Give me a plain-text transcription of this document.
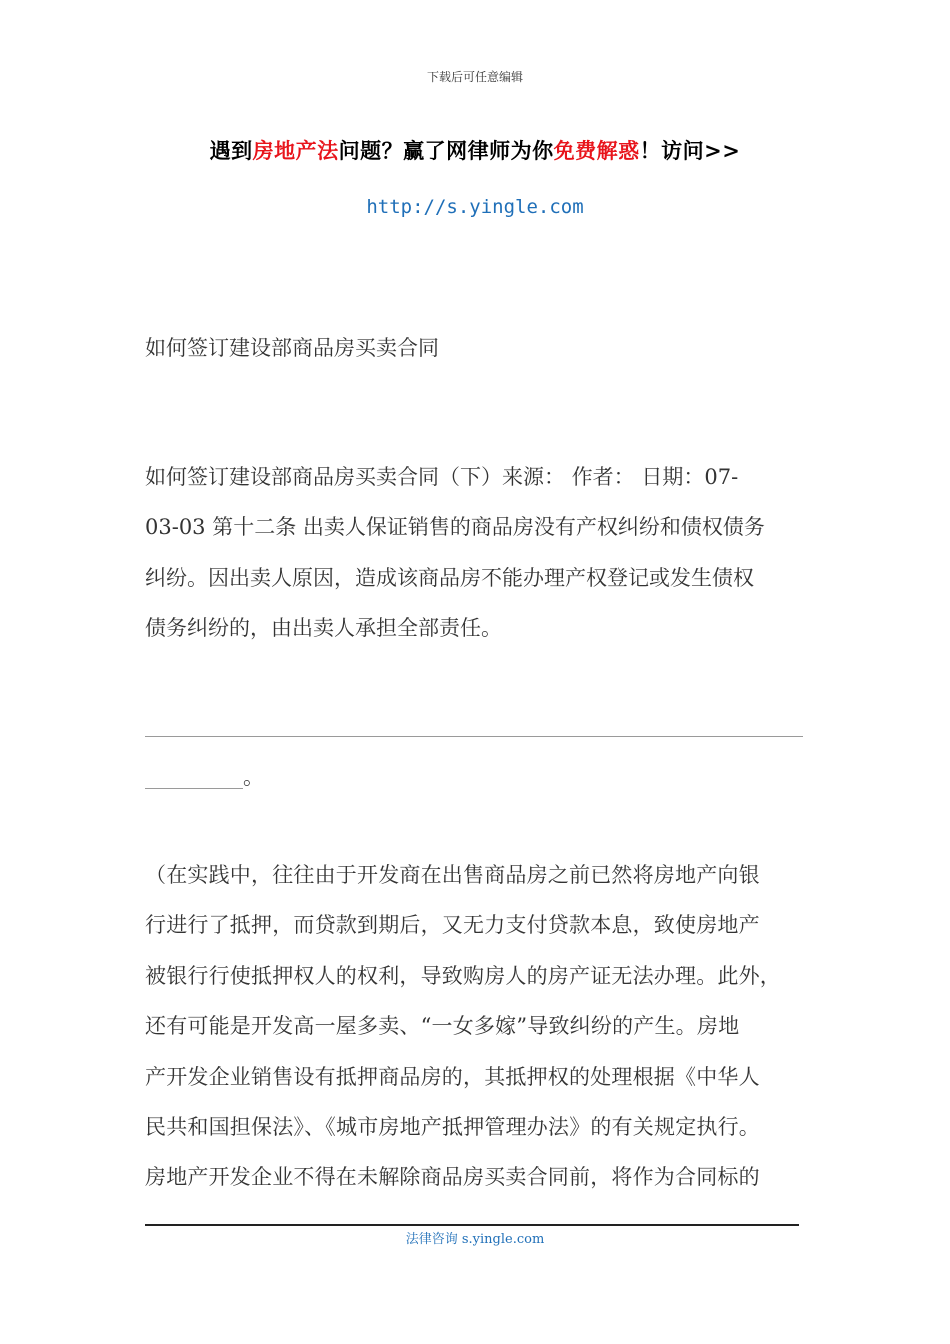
下载后可任意编辑
遇到房地产法问题？赢了网律师为你免费解惑！访问>>
http://s.yingle.com
如何签订建设部商品房买卖合同
如何签订建设部商品房买卖合同（下）来源： 作者： 日期：07-
03-03 第十二条 出卖人保证销售的商品房没有产权纠纷和债权债务
纠纷。因出卖人原因，造成该商品房不能办理产权登记或发生债权
债务纠纷的，由出卖人承担全部责任。
。
（在实践中，往往由于开发商在出售商品房之前已然将房地产向银
行进行了抵押，而贷款到期后，又无力支付贷款本息，致使房地产
被银行行使抵押权人的权利，导致购房人的房产证无法办理。此外，
还有可能是开发高一屋多卖、“一女多嫁”导致纠纷的产生。房地
产开发企业销售设有抵押商品房的，其抵押权的处理根据《中华人
民共和国担保法》、《城市房地产抵押管理办法》的有关规定执行。
房地产开发企业不得在未解除商品房买卖合同前，将作为合同标的
法律咨询 s.yingle.com
